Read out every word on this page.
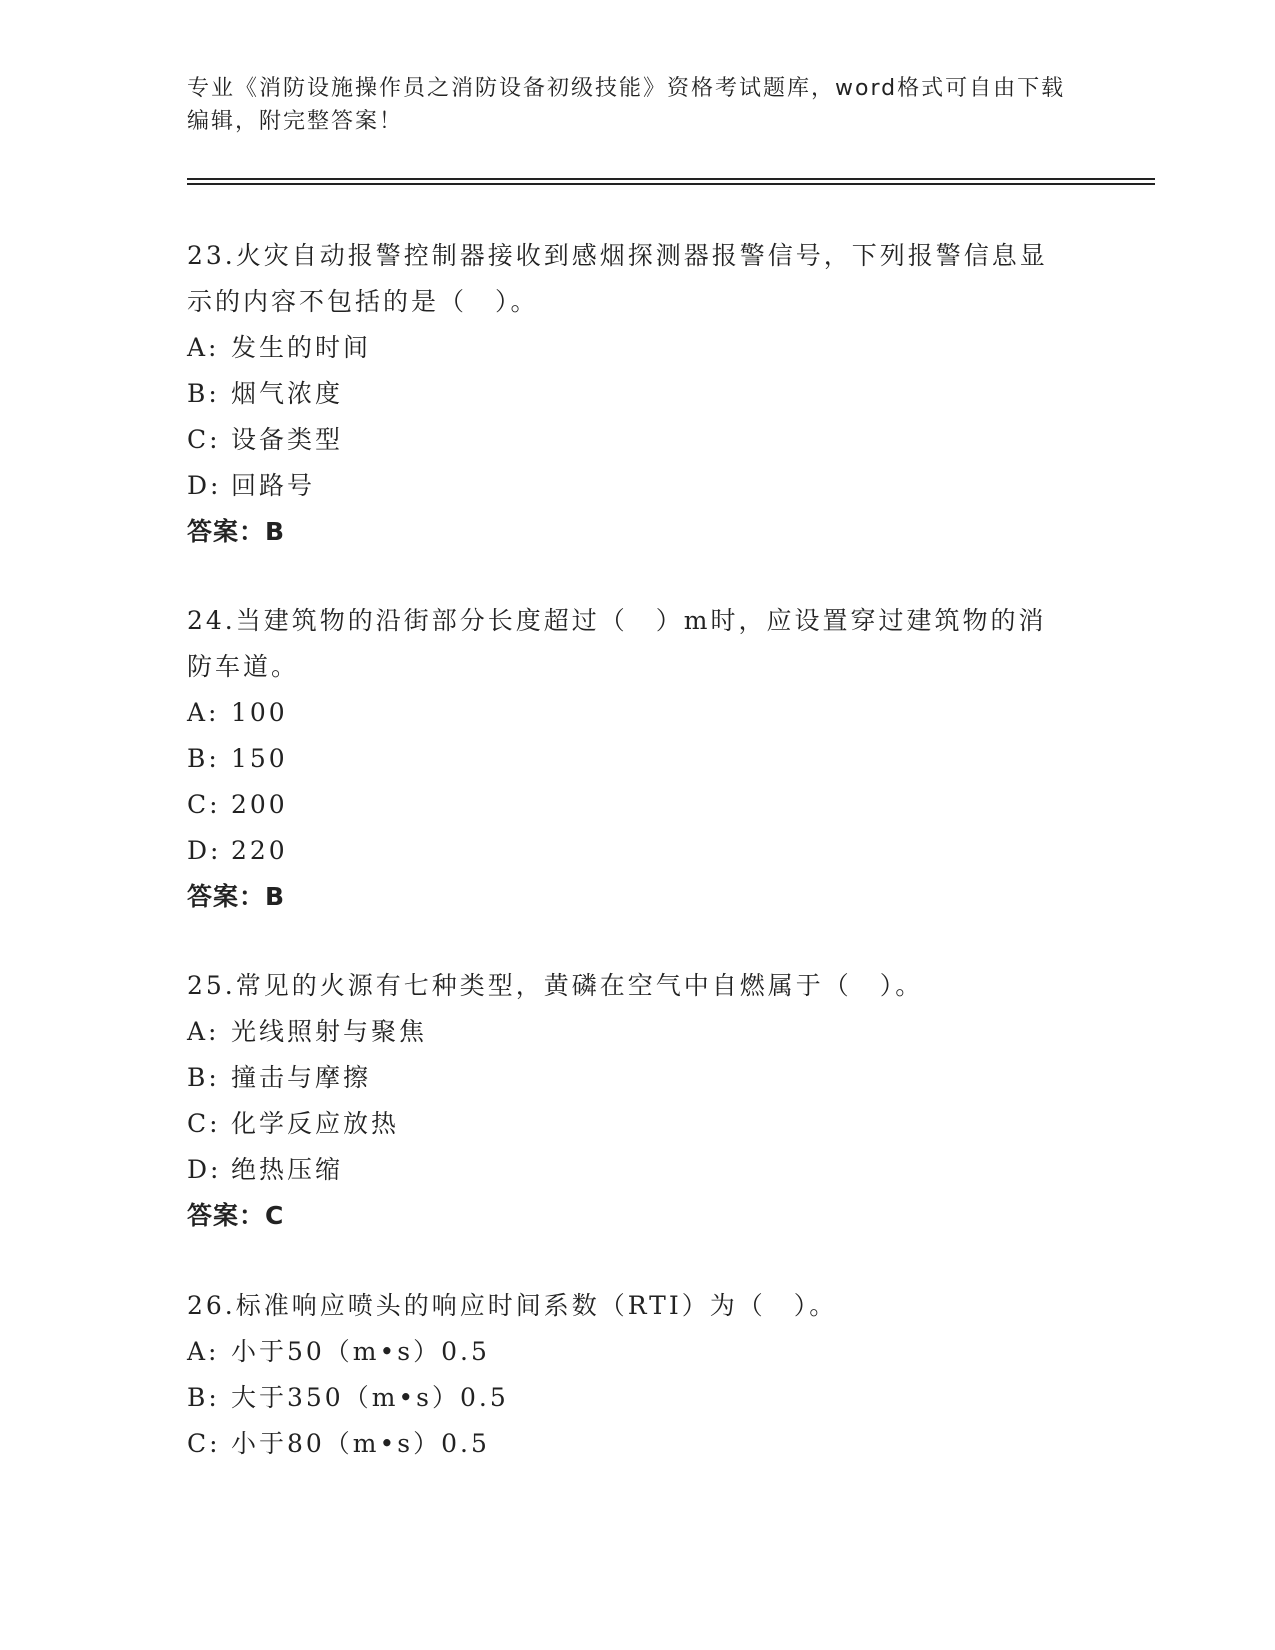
专业《消防设施操作员之消防设备初级技能》资格考试题库，word格式可自由下载编辑，附完整答案！
23.火灾自动报警控制器接收到感烟探测器报警信号，下列报警信息显示的内容不包括的是（　）。
A: 发生的时间
B: 烟气浓度
C: 设备类型
D: 回路号
答案：B
24.当建筑物的沿街部分长度超过（　）m时，应设置穿过建筑物的消防车道。
A: 100
B: 150
C: 200
D: 220
答案：B
25.常见的火源有七种类型，黄磷在空气中自燃属于（　）。
A: 光线照射与聚焦
B: 撞击与摩擦
C: 化学反应放热
D: 绝热压缩
答案：C
26.标准响应喷头的响应时间系数（RTI）为（　）。
A: 小于50（m•s）0.5
B: 大于350（m•s）0.5
C: 小于80（m•s）0.5
